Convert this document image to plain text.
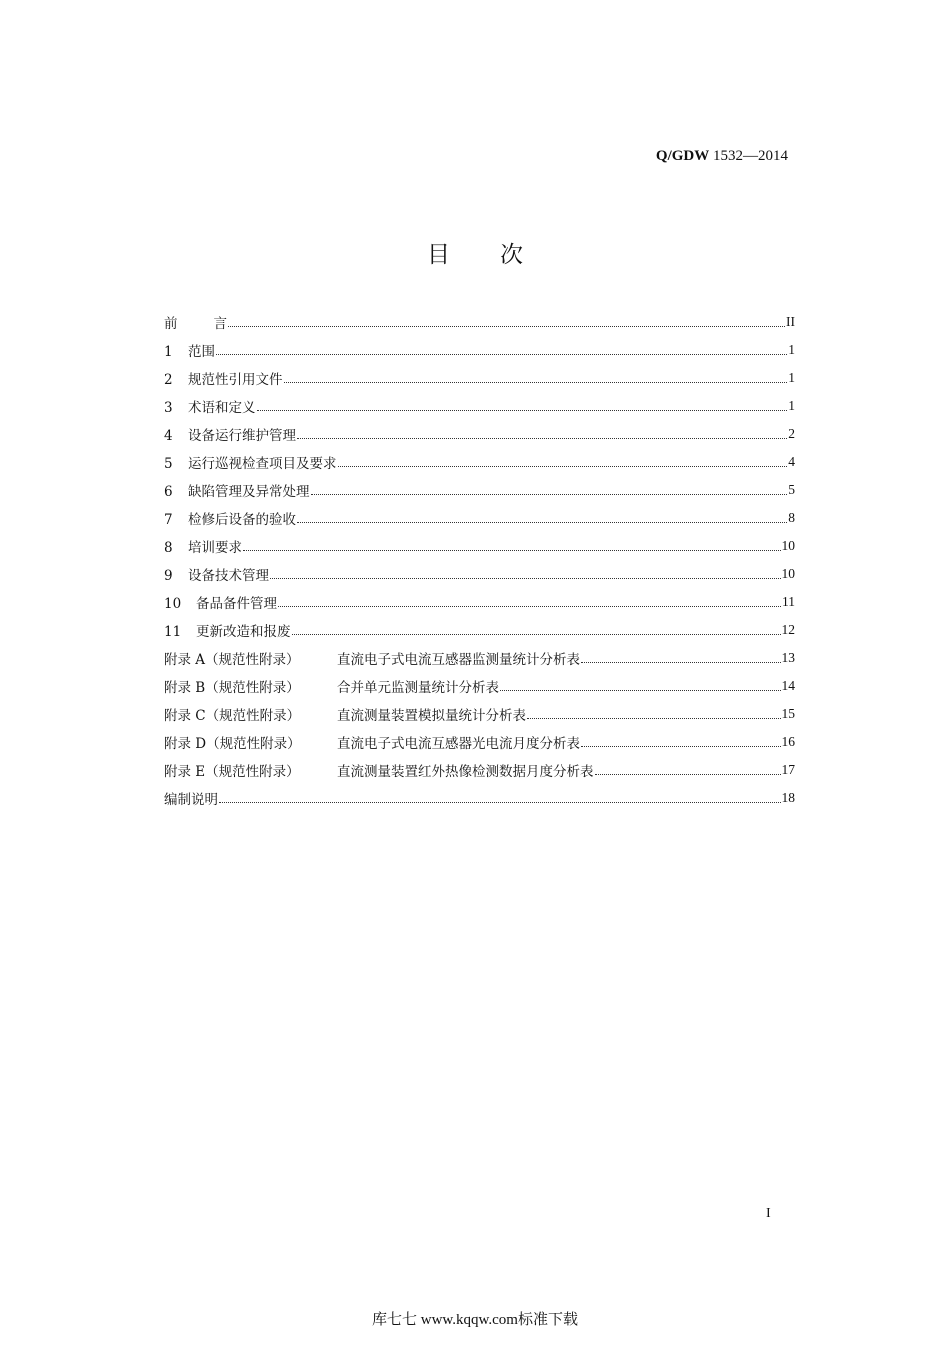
Q/GDW 1532—2014
目次
前	言	II
1 范围	1
2 规范性引用文件	1
3 术语和定义	1
4 设备运行维护管理	2
5 运行巡视检查项目及要求	4
6 缺陷管理及异常处理	5
7 检修后设备的验收	8
8 培训要求	10
9 设备技术管理	10
10 备品备件管理	11
11 更新改造和报废	12
附录 A（规范性附录）	直流电子式电流互感器监测量统计分析表	13
附录 B（规范性附录）	合并单元监测量统计分析表	14
附录 C（规范性附录）	直流测量装置模拟量统计分析表	15
附录 D（规范性附录）	直流电子式电流互感器光电流月度分析表	16
附录 E（规范性附录）	直流测量装置红外热像检测数据月度分析表	17
编制说明	18
I
库七七 www.kqqw.com标准下载
